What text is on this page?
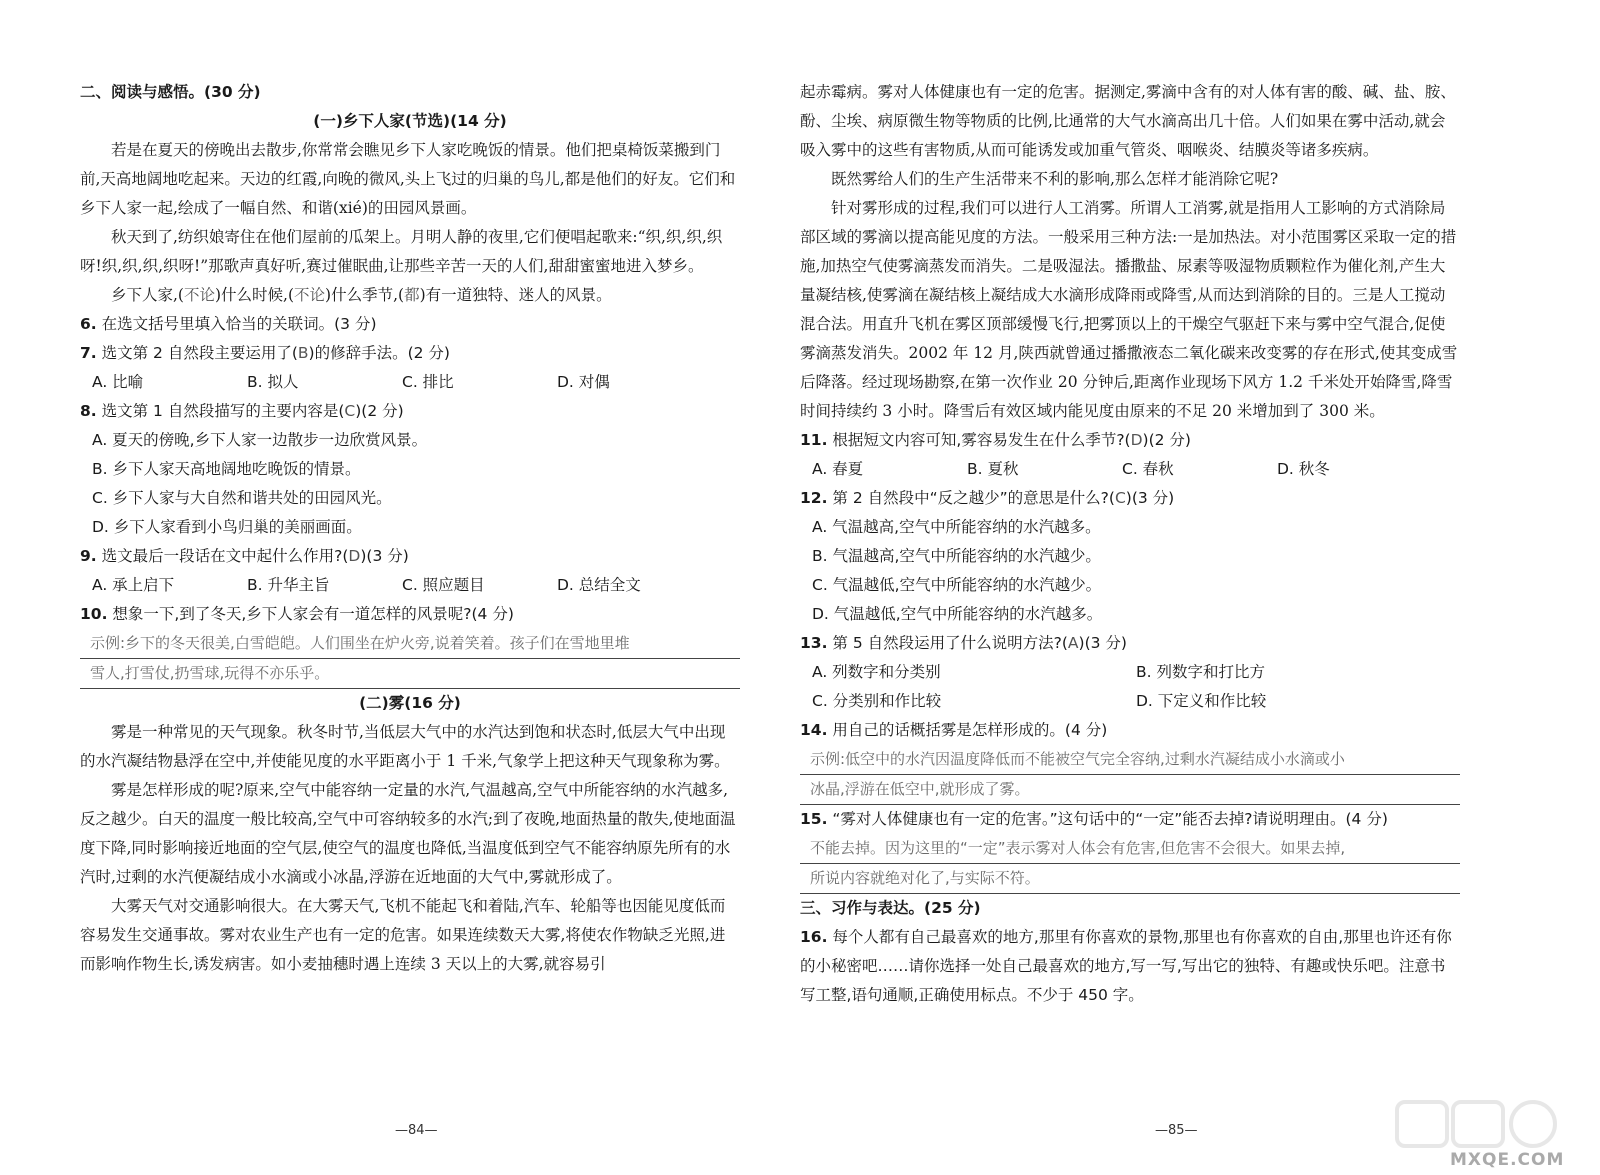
二、阅读与感悟。(30 分)

(一)乡下人家(节选)(14 分)

若是在夏天的傍晚出去散步,你常常会瞧见乡下人家吃晚饭的情景。他们把桌椅饭菜搬到门前,天高地阔地吃起来。天边的红霞,向晚的微风,头上飞过的归巢的鸟儿,都是他们的好友。它们和乡下人家一起,绘成了一幅自然、和谐(xié)的田园风景画。

秋天到了,纺织娘寄住在他们屋前的瓜架上。月明人静的夜里,它们便唱起歌来:“织,织,织,织呀!织,织,织,织呀!”那歌声真好听,赛过催眠曲,让那些辛苦一天的人们,甜甜蜜蜜地进入梦乡。

乡下人家,(不论)什么时候,(不论)什么季节,(都)有一道独特、迷人的风景。

6. 在选文括号里填入恰当的关联词。(3 分)

7. 选文第 2 自然段主要运用了(B)的修辞手法。(2 分)

A. 比喻	B. 拟人	C. 排比	D. 对偶

8. 选文第 1 自然段描写的主要内容是(C)(2 分)

A. 夏天的傍晚,乡下人家一边散步一边欣赏风景。

B. 乡下人家天高地阔地吃晚饭的情景。

C. 乡下人家与大自然和谐共处的田园风光。

D. 乡下人家看到小鸟归巢的美丽画面。

9. 选文最后一段话在文中起什么作用?(D)(3 分)

A. 承上启下	B. 升华主旨	C. 照应题目	D. 总结全文

10. 想象一下,到了冬天,乡下人家会有一道怎样的风景呢?(4 分)

示例:乡下的冬天很美,白雪皑皑。人们围坐在炉火旁,说着笑着。孩子们在雪地里堆
雪人,打雪仗,扔雪球,玩得不亦乐乎。

(二)雾(16 分)

雾是一种常见的天气现象。秋冬时节,当低层大气中的水汽达到饱和状态时,低层大气中出现的水汽凝结物悬浮在空中,并使能见度的水平距离小于 1 千米,气象学上把这种天气现象称为雾。

雾是怎样形成的呢?原来,空气中能容纳一定量的水汽,气温越高,空气中所能容纳的水汽越多,反之越少。白天的温度一般比较高,空气中可容纳较多的水汽;到了夜晚,地面热量的散失,使地面温度下降,同时影响接近地面的空气层,使空气的温度也降低,当温度低到空气不能容纳原先所有的水汽时,过剩的水汽便凝结成小水滴或小冰晶,浮游在近地面的大气中,雾就形成了。

大雾天气对交通影响很大。在大雾天气,飞机不能起飞和着陆,汽车、轮船等也因能见度低而容易发生交通事故。雾对农业生产也有一定的危害。如果连续数天大雾,将使农作物缺乏光照,进而影响作物生长,诱发病害。如小麦抽穗时遇上连续 3 天以上的大雾,就容易引

—84—

起赤霉病。雾对人体健康也有一定的危害。据测定,雾滴中含有的对人体有害的酸、碱、盐、胺、酚、尘埃、病原微生物等物质的比例,比通常的大气水滴高出几十倍。人们如果在雾中活动,就会吸入雾中的这些有害物质,从而可能诱发或加重气管炎、咽喉炎、结膜炎等诸多疾病。

既然雾给人们的生产生活带来不利的影响,那么怎样才能消除它呢?

针对雾形成的过程,我们可以进行人工消雾。所谓人工消雾,就是指用人工影响的方式消除局部区域的雾滴以提高能见度的方法。一般采用三种方法:一是加热法。对小范围雾区采取一定的措施,加热空气使雾滴蒸发而消失。二是吸湿法。播撒盐、尿素等吸湿物质颗粒作为催化剂,产生大量凝结核,使雾滴在凝结核上凝结成大水滴形成降雨或降雪,从而达到消除的目的。三是人工搅动混合法。用直升飞机在雾区顶部缓慢飞行,把雾顶以上的干燥空气驱赶下来与雾中空气混合,促使雾滴蒸发消失。2002 年 12 月,陕西就曾通过播撒液态二氧化碳来改变雾的存在形式,使其变成雪后降落。经过现场勘察,在第一次作业 20 分钟后,距离作业现场下风方 1.2 千米处开始降雪,降雪时间持续约 3 小时。降雪后有效区域内能见度由原来的不足 20 米增加到了 300 米。

11. 根据短文内容可知,雾容易发生在什么季节?(D)(2 分)

A. 春夏	B. 夏秋	C. 春秋	D. 秋冬

12. 第 2 自然段中“反之越少”的意思是什么?(C)(3 分)

A. 气温越高,空气中所能容纳的水汽越多。

B. 气温越高,空气中所能容纳的水汽越少。

C. 气温越低,空气中所能容纳的水汽越少。

D. 气温越低,空气中所能容纳的水汽越多。

13. 第 5 自然段运用了什么说明方法?(A)(3 分)

A. 列数字和分类别	B. 列数字和打比方
C. 分类别和作比较	D. 下定义和作比较

14. 用自己的话概括雾是怎样形成的。(4 分)

示例:低空中的水汽因温度降低而不能被空气完全容纳,过剩水汽凝结成小水滴或小
冰晶,浮游在低空中,就形成了雾。

15. “雾对人体健康也有一定的危害。”这句话中的“一定”能否去掉?请说明理由。(4 分)

不能去掉。因为这里的“一定”表示雾对人体会有危害,但危害不会很大。如果去掉,
所说内容就绝对化了,与实际不符。

三、习作与表达。(25 分)

16. 每个人都有自己最喜欢的地方,那里有你喜欢的景物,那里也有你喜欢的自由,那里也许还有你的小秘密吧……请你选择一处自己最喜欢的地方,写一写,写出它的独特、有趣或快乐吧。注意书写工整,语句通顺,正确使用标点。不少于 450 字。

—85—
MXQE.COM
